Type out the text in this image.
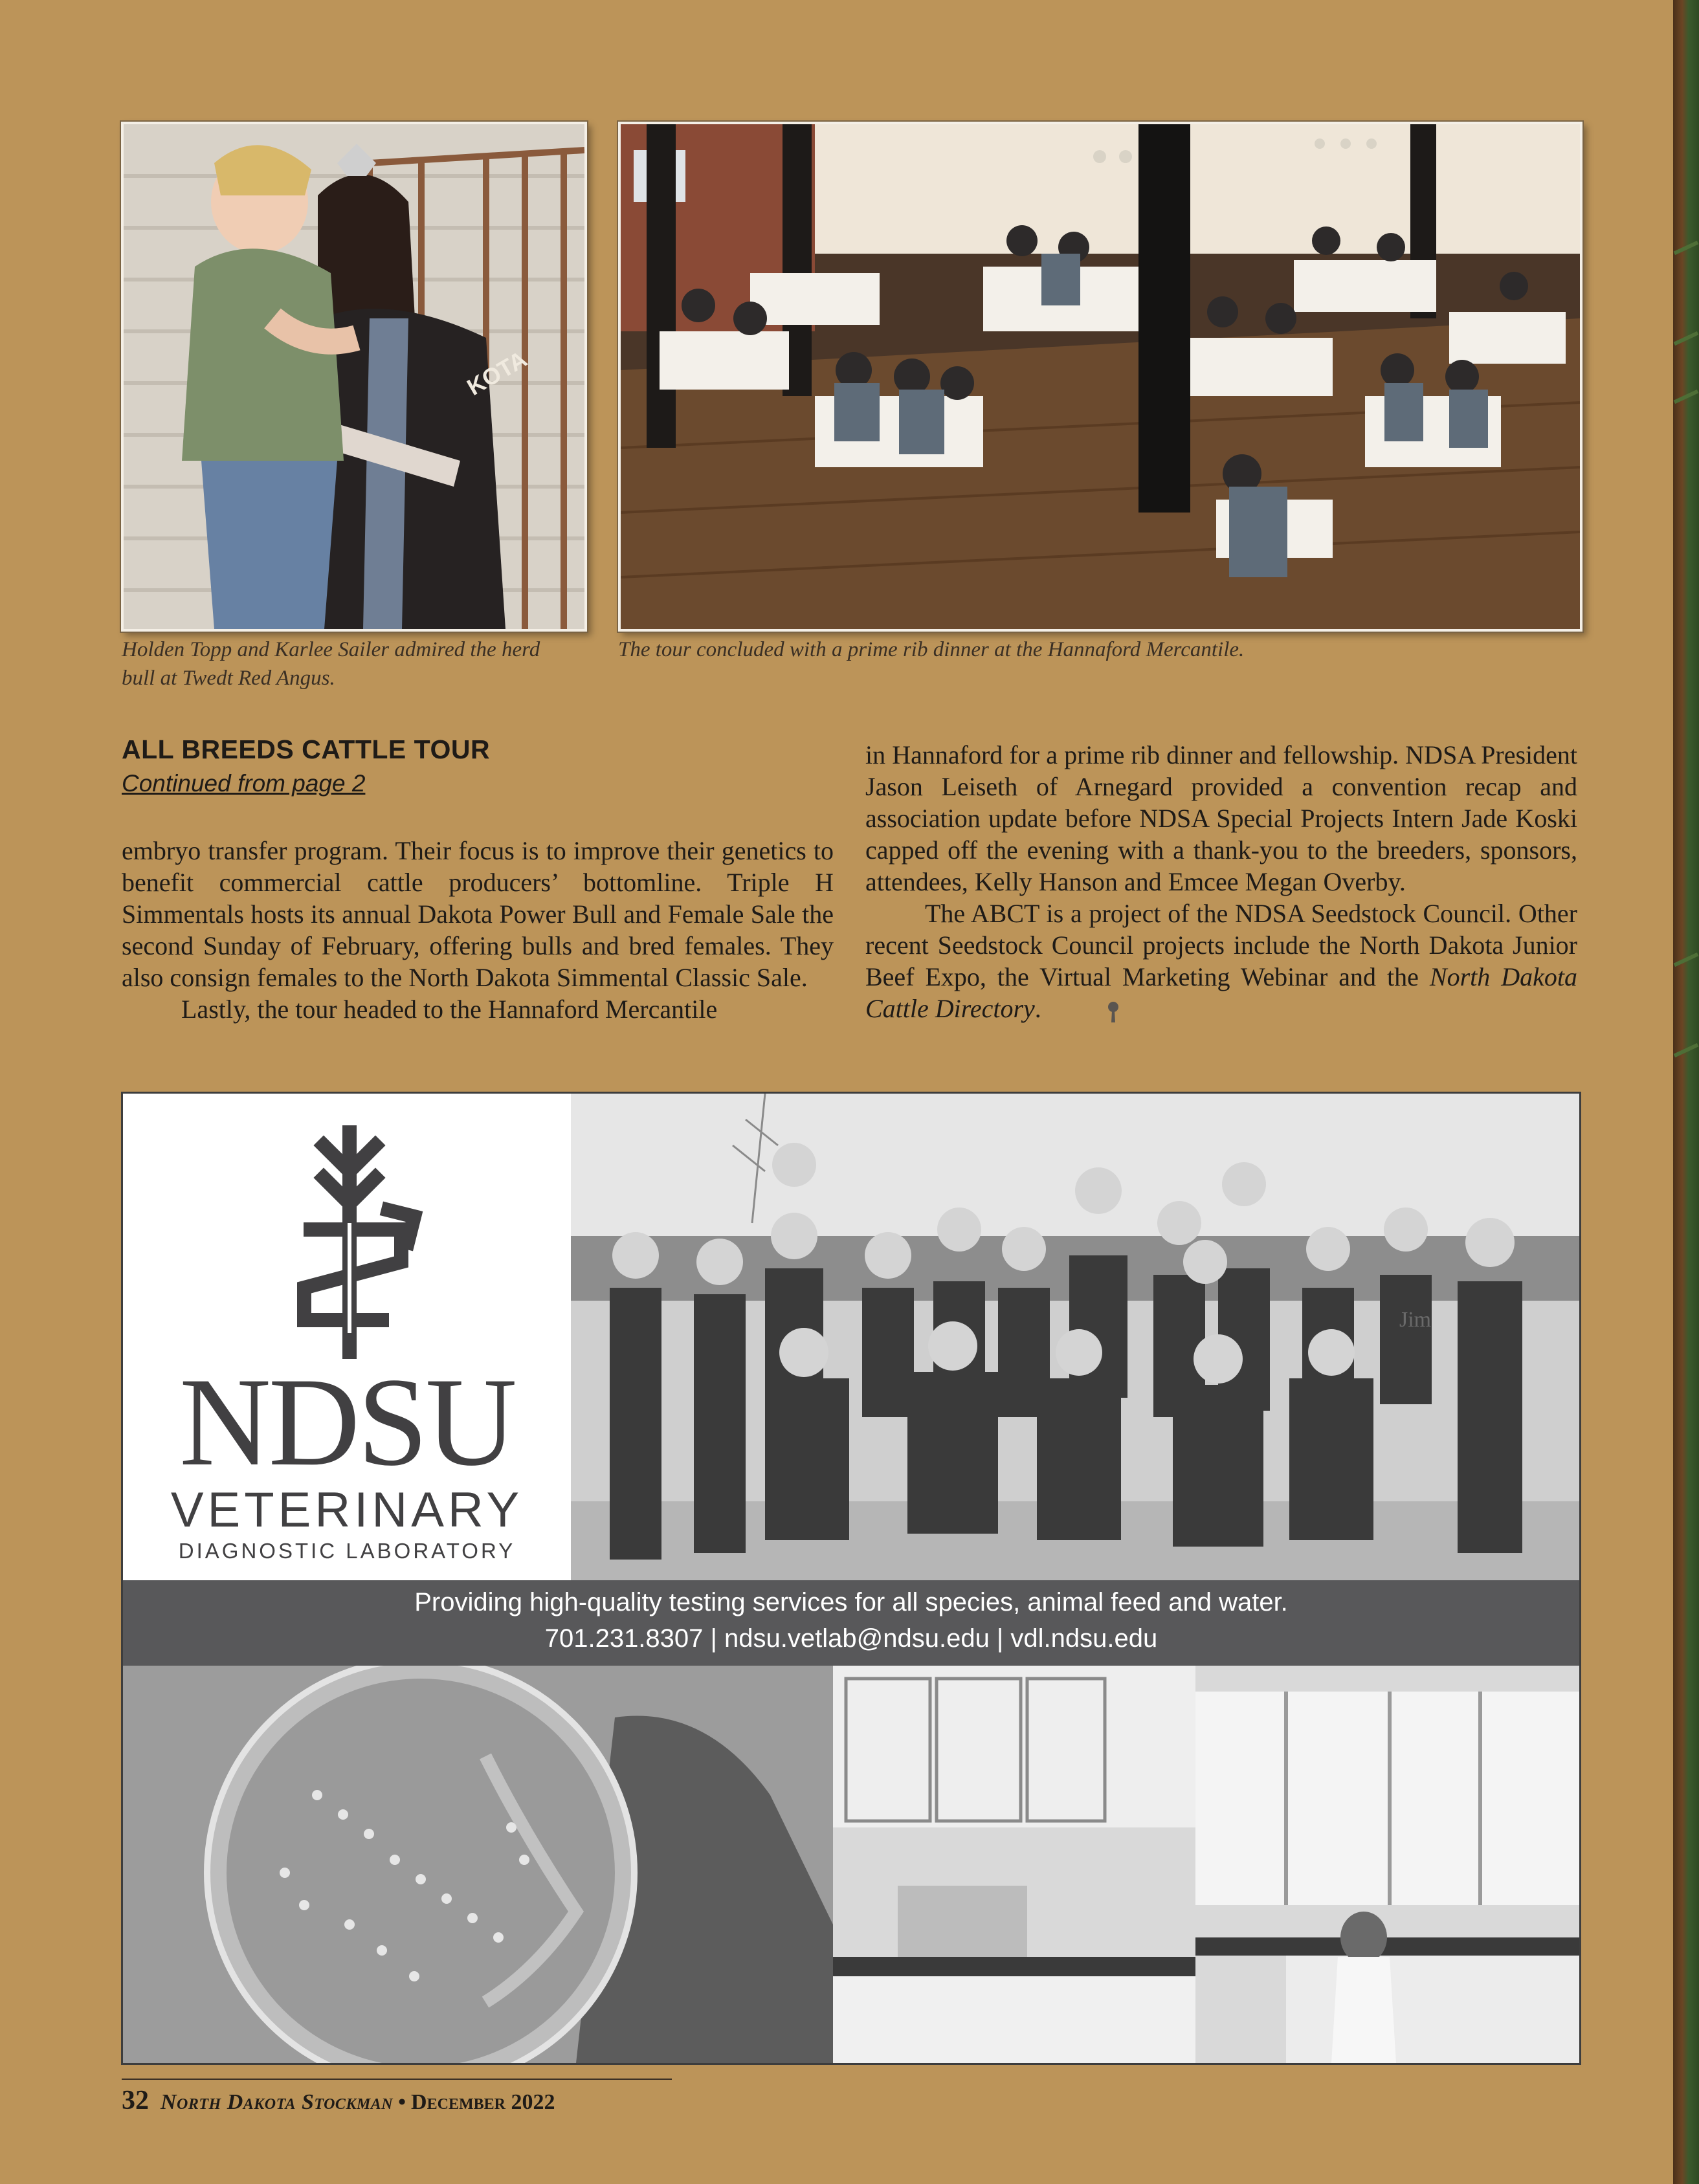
KOTA
Holden Topp and Karlee Sailer admired the herd bull at Twedt Red Angus.
The tour concluded with a prime rib dinner at the Hannaford Mercantile.
ALL BREEDS CATTLE TOUR
Continued from page 2

embryo transfer program. Their focus is to improve their genetics to benefit commercial cattle producers’ bottomline. Triple H Simmentals hosts its annual Dakota Power Bull and Female Sale the second Sunday of February, offering bulls and bred females. They also consign females to the North Dakota Simmental Classic Sale.

Lastly, the tour headed to the Hannaford Mercantile

in Hannaford for a prime rib dinner and fellowship. NDSA President Jason Leiseth of Arnegard provided a convention recap and association update before NDSA Special Projects Intern Jade Koski capped off the evening with a thank-you to the breeders, sponsors, attendees, Kelly Hanson and Emcee Megan Overby.

The ABCT is a project of the NDSA Seedstock Council. Other recent Seedstock Council projects include the North Dakota Junior Beef Expo, the Virtual Marketing Webinar and the North Dakota Cattle Directory.

NDSU
VETERINARY
DIAGNOSTIC LABORATORY
Jim
Providing high-quality testing services for all species, animal feed and water.
701.231.8307 | ndsu.vetlab@ndsu.edu | vdl.ndsu.edu
32 North Dakota Stockman • December 2022
